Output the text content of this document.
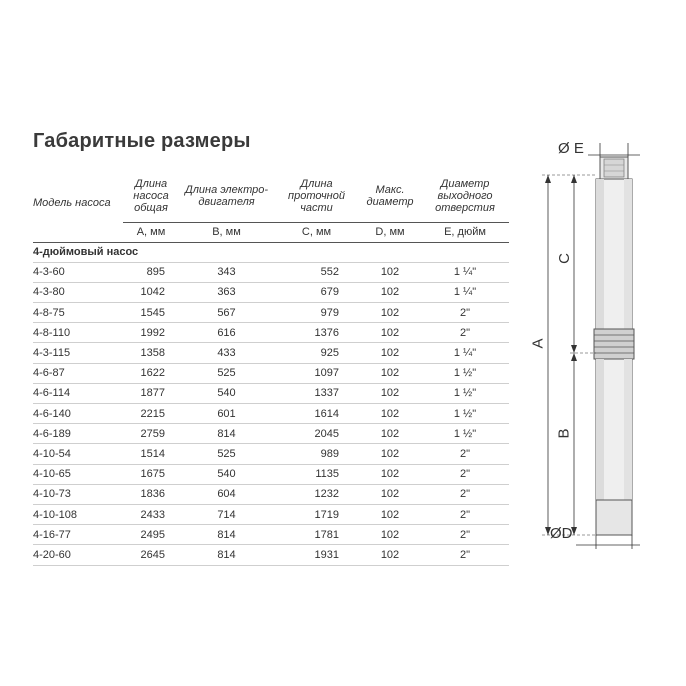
Габаритные размеры
Модель насоса	Длина насоса общая	Длина электро-двигателя	Длина проточной части	Макс. диаметр	Диаметр выходного отверстия
	А, мм	B, мм	C, мм	D, мм	E, дюйм
4-дюймовый насос					
4-3-60	895	343	552	102	1 ¼"
4-3-80	1042	363	679	102	1 ¼"
4-8-75	1545	567	979	102	2"
4-8-110	1992	616	1376	102	2"
4-3-115	1358	433	925	102	1 ¼"
4-6-87	1622	525	1097	102	1 ½"
4-6-114	1877	540	1337	102	1 ½"
4-6-140	2215	601	1614	102	1 ½"
4-6-189	2759	814	2045	102	1 ½"
4-10-54	1514	525	989	102	2"
4-10-65	1675	540	1135	102	2"
4-10-73	1836	604	1232	102	2"
4-10-108	2433	714	1719	102	2"
4-16-77	2495	814	1781	102	2"
4-20-60	2645	814	1931	102	2"
Ø E
C
A
B
ØD
